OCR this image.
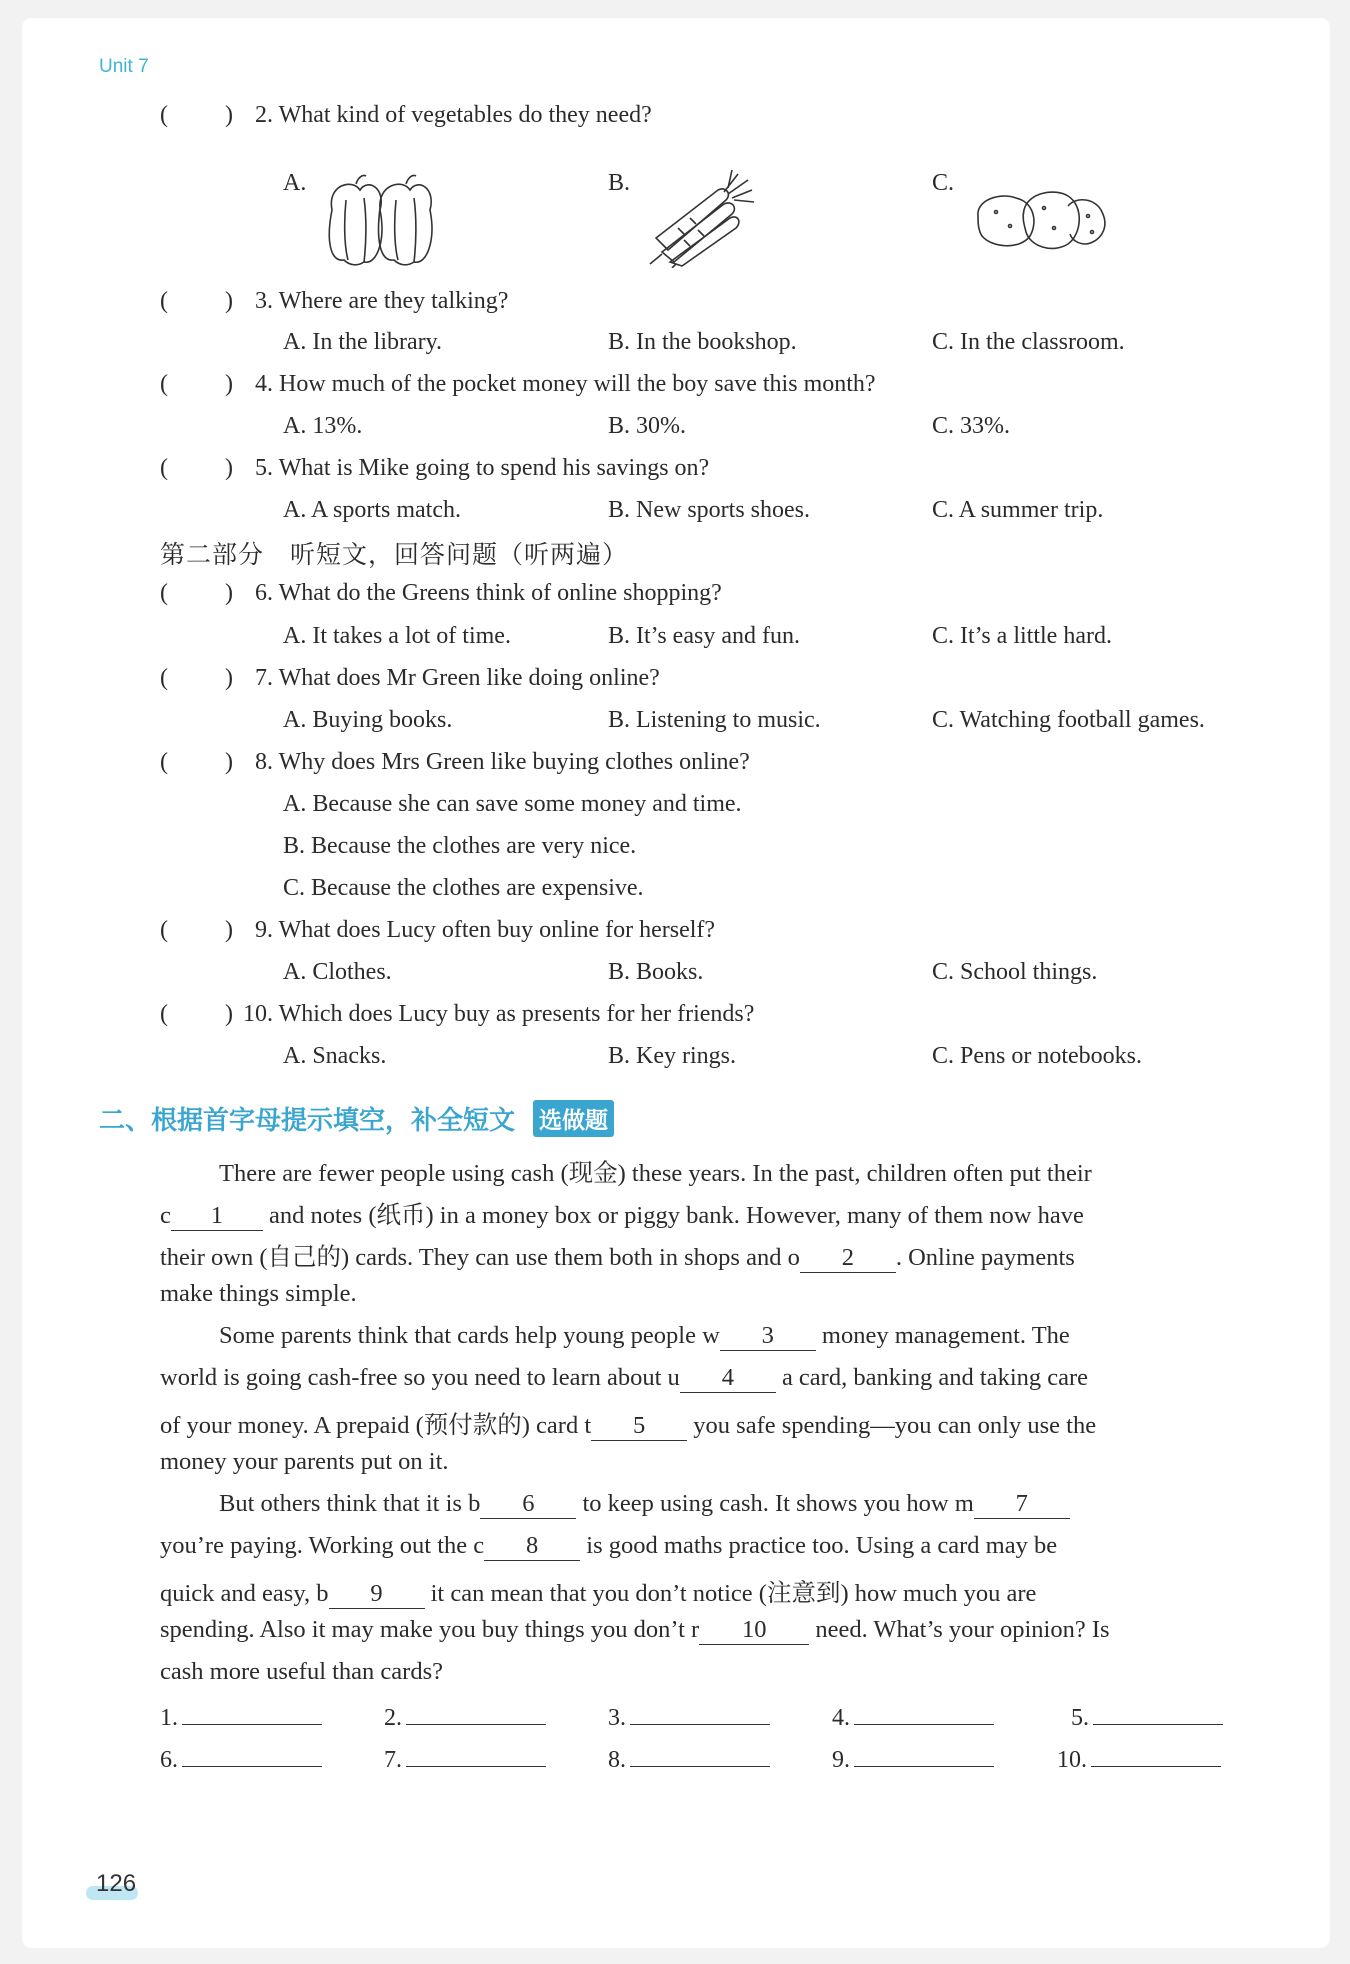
Unit 7
( ) 2. What kind of vegetables do they need?
A.	B.	C.
( ) 3. Where are they talking?
A. In the library.	B. In the bookshop.	C. In the classroom.
( ) 4. How much of the pocket money will the boy save this month?
A. 13%.	B. 30%.	C. 33%.
( ) 5. What is Mike going to spend his savings on?
A. A sports match.	B. New sports shoes.	C. A summer trip.
第二部分　听短文，回答问题（听两遍）
( ) 6. What do the Greens think of online shopping?
A. It takes a lot of time.	B. It’s easy and fun.	C. It’s a little hard.
( ) 7. What does Mr Green like doing online?
A. Buying books.	B. Listening to music.	C. Watching football games.
( ) 8. Why does Mrs Green like buying clothes online?
A. Because she can save some money and time.
B. Because the clothes are very nice.
C. Because the clothes are expensive.
( ) 9. What does Lucy often buy online for herself?
A. Clothes.	B. Books.	C. School things.
( ) 10. Which does Lucy buy as presents for her friends?
A. Snacks.	B. Key rings.	C. Pens or notebooks.
二、根据首字母提示填空，补全短文 选做题
There are fewer people using cash (现金) these years. In the past, children often put their
c 1 and notes (纸币) in a money box or piggy bank. However, many of them now have
their own (自己的) cards. They can use them both in shops and o 2 . Online payments
make things simple.
Some parents think that cards help young people w 3 money management. The
world is going cash-free so you need to learn about u 4 a card, banking and taking care
of your money. A prepaid (预付款的) card t 5 you safe spending—you can only use the
money your parents put on it.
But others think that it is b 6 to keep using cash. It shows you how m 7
you’re paying. Working out the c 8 is good maths practice too. Using a card may be
quick and easy, b 9 it can mean that you don’t notice (注意到) how much you are
spending. Also it may make you buy things you don’t r 10 need. What’s your opinion? Is
cash more useful than cards?
1.	2.	3.	4.	5.
6.	7.	8.	9.	10.
126
